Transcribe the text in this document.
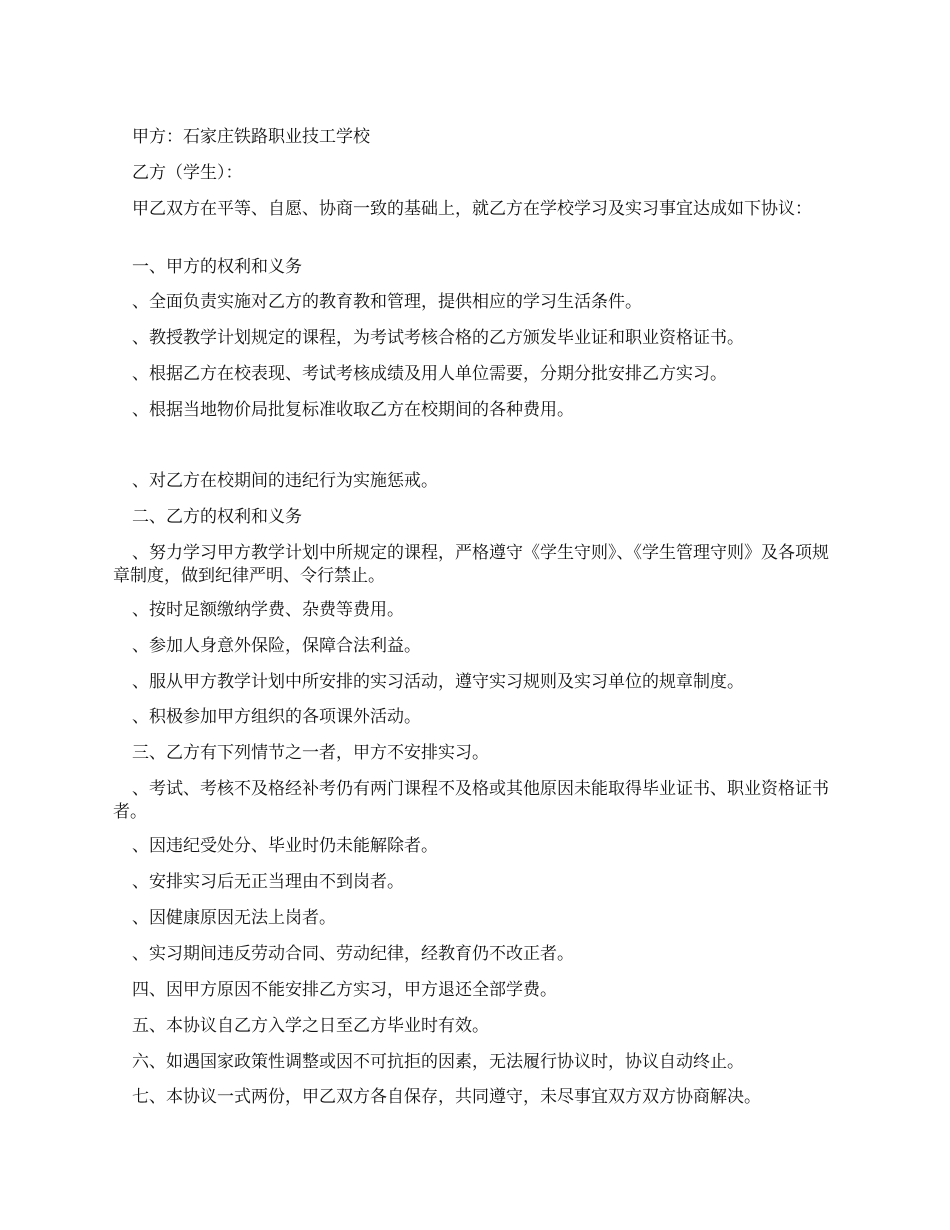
甲方：石家庄铁路职业技工学校

乙方（学生）：

甲乙双方在平等、自愿、协商一致的基础上，就乙方在学校学习及实习事宜达成如下协议：

一、甲方的权利和义务

、全面负责实施对乙方的教育教和管理，提供相应的学习生活条件。

、教授教学计划规定的课程，为考试考核合格的乙方颁发毕业证和职业资格证书。

、根据乙方在校表现、考试考核成绩及用人单位需要，分期分批安排乙方实习。

、根据当地物价局批复标准收取乙方在校期间的各种费用。

、对乙方在校期间的违纪行为实施惩戒。

二、乙方的权利和义务

、努力学习甲方教学计划中所规定的课程，严格遵守《学生守则》、《学生管理守则》及各项规章制度，做到纪律严明、令行禁止。

、按时足额缴纳学费、杂费等费用。

、参加人身意外保险，保障合法利益。

、服从甲方教学计划中所安排的实习活动，遵守实习规则及实习单位的规章制度。

、积极参加甲方组织的各项课外活动。

三、乙方有下列情节之一者，甲方不安排实习。

、考试、考核不及格经补考仍有两门课程不及格或其他原因未能取得毕业证书、职业资格证书者。

、因违纪受处分、毕业时仍未能解除者。

、安排实习后无正当理由不到岗者。

、因健康原因无法上岗者。

、实习期间违反劳动合同、劳动纪律，经教育仍不改正者。

四、因甲方原因不能安排乙方实习，甲方退还全部学费。

五、本协议自乙方入学之日至乙方毕业时有效。

六、如遇国家政策性调整或因不可抗拒的因素，无法履行协议时，协议自动终止。

七、本协议一式两份，甲乙双方各自保存，共同遵守，未尽事宜双方双方协商解决。
